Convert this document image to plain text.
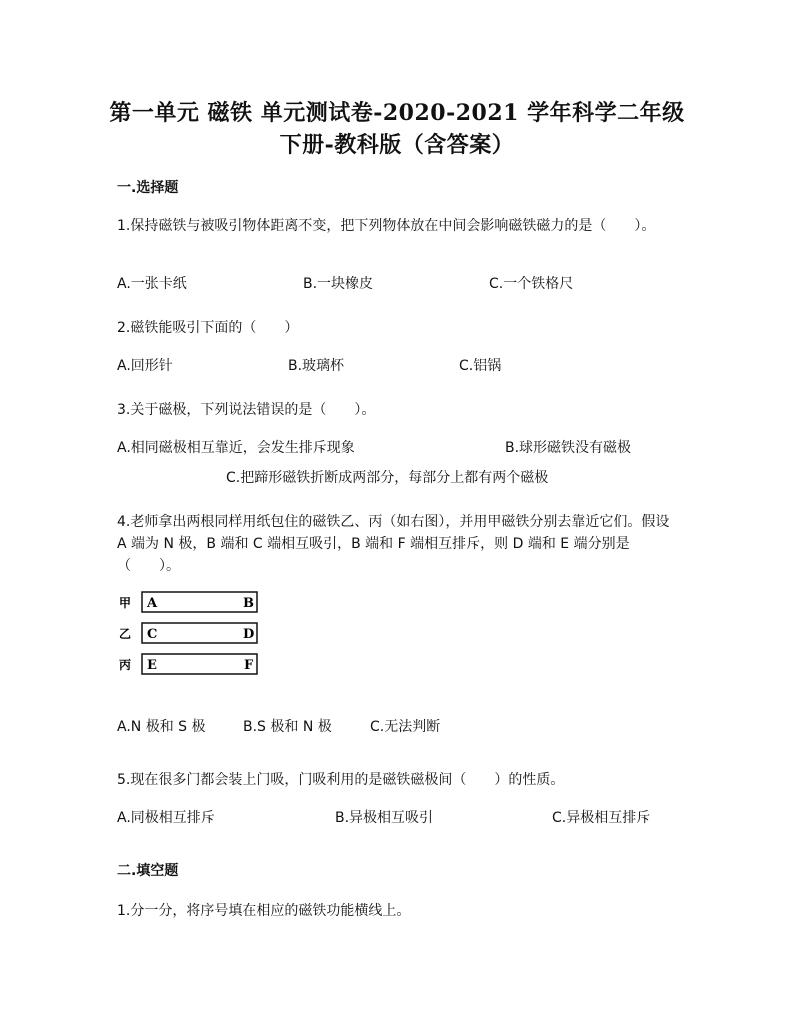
第一单元 磁铁 单元测试卷-2020-2021 学年科学二年级
下册-教科版（含答案）
一.选择题
1.保持磁铁与被吸引物体距离不变，把下列物体放在中间会影响磁铁磁力的是（　　）。
A.一张卡纸	B.一块橡皮	C.一个铁格尺
2.磁铁能吸引下面的（　　）
A.回形针	B.玻璃杯	C.铝锅
3.关于磁极，下列说法错误的是（　　）。
A.相同磁极相互靠近，会发生排斥现象	B.球形磁铁没有磁极
C.把蹄形磁铁折断成两部分，每部分上都有两个磁极
4.老师拿出两根同样用纸包住的磁铁乙、丙（如右图），并用甲磁铁分别去靠近它们。假设 A 端为 N 极，B 端和 C 端相互吸引，B 端和 F 端相互排斥，则 D 端和 E 端分别是（　　）。
甲 A	B
乙 C	D
丙 E	F
A.N 极和 S 极	B.S 极和 N 极	C.无法判断
5.现在很多门都会装上门吸，门吸利用的是磁铁磁极间（　　）的性质。
A.同极相互排斥	B.异极相互吸引	C.异极相互排斥
二.填空题
1.分一分，将序号填在相应的磁铁功能横线上。
